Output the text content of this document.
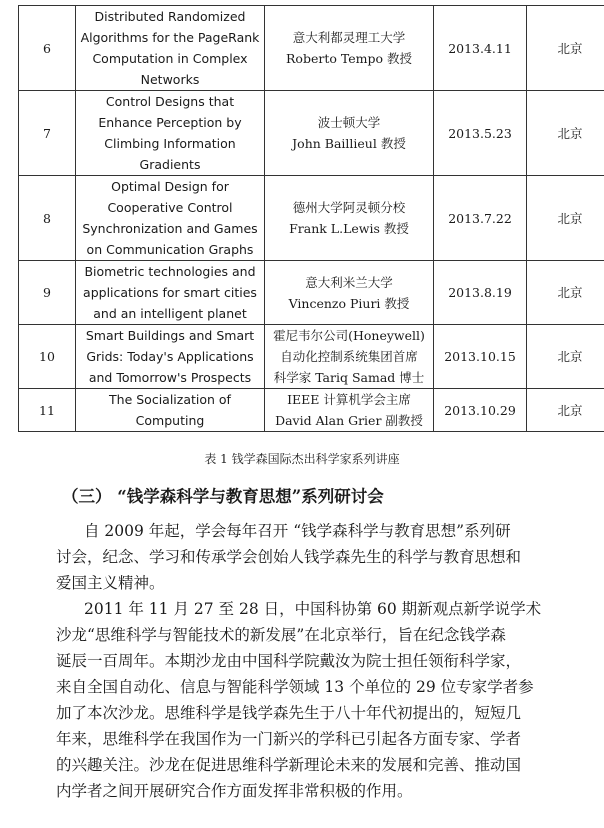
6	Distributed Randomized
Algorithms for the PageRank
Computation in Complex
Networks	意大利都灵理工大学
Roberto Tempo 教授	2013.4.11	北京
7	Control Designs that
Enhance Perception by
Climbing Information
Gradients	波士顿大学
John Baillieul 教授	2013.5.23	北京
8	Optimal Design for
Cooperative Control
Synchronization and Games
on Communication Graphs	德州大学阿灵顿分校
Frank L.Lewis 教授	2013.7.22	北京
9	Biometric technologies and
applications for smart cities
and an intelligent planet	意大利米兰大学
Vincenzo Piuri 教授	2013.8.19	北京
10	Smart Buildings and Smart
Grids: Today's Applications
and Tomorrow's Prospects	霍尼韦尔公司(Honeywell)
自动化控制系统集团首席
科学家 Tariq Samad 博士	2013.10.15	北京
11	The Socialization of
Computing	IEEE 计算机学会主席
David Alan Grier 副教授	2013.10.29	北京
表 1 钱学森国际杰出科学家系列讲座
（三） “钱学森科学与教育思想”系列研讨会
自 2009 年起，学会每年召开 “钱学森科学与教育思想”系列研
讨会，纪念、学习和传承学会创始人钱学森先生的科学与教育思想和
爱国主义精神。
2011 年 11 月 27 至 28 日，中国科协第 60 期新观点新学说学术
沙龙“思维科学与智能技术的新发展”在北京举行，旨在纪念钱学森
诞辰一百周年。本期沙龙由中国科学院戴汝为院士担任领衔科学家，
来自全国自动化、信息与智能科学领域 13 个单位的 29 位专家学者参
加了本次沙龙。思维科学是钱学森先生于八十年代初提出的，短短几
年来，思维科学在我国作为一门新兴的学科已引起各方面专家、学者
的兴趣关注。沙龙在促进思维科学新理论未来的发展和完善、推动国
内学者之间开展研究合作方面发挥非常积极的作用。
